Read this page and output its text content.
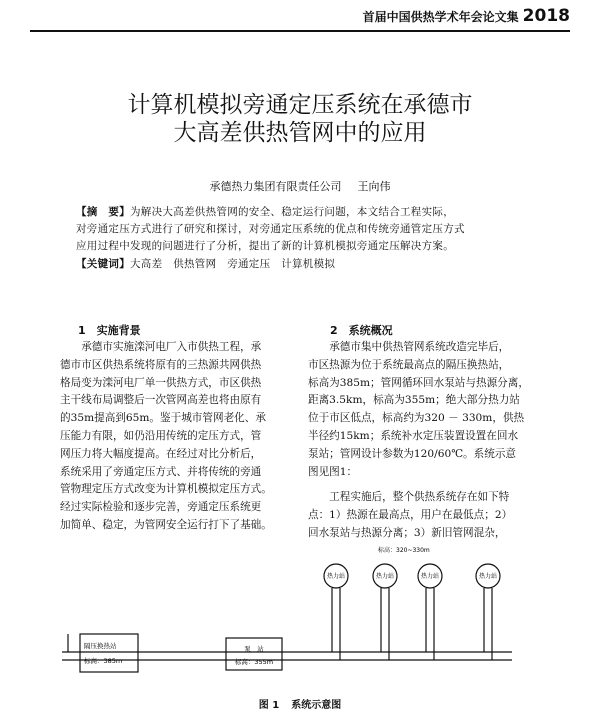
首届中国供热学术年会论文集 2018
计算机模拟旁通定压系统在承德市
大高差供热管网中的应用
承德热力集团有限责任公司 王向伟
【摘　要】为解决大高差供热管网的安全、稳定运行问题，本文结合工程实际，
对旁通定压方式进行了研究和探讨，对旁通定压系统的优点和传统旁通管定压方式
应用过程中发现的问题进行了分析，提出了新的计算机模拟旁通定压解决方案。
【关键词】大高差　供热管网　旁通定压　计算机模拟
1　实施背景	2　系统概况
承德市实施滦河电厂入市供热工程，承
德市市区供热系统将原有的三热源共网供热
格局变为滦河电厂单一供热方式，市区供热
主干线布局调整后一次管网高差也将由原有
的35m提高到65m。鉴于城市管网老化、承
压能力有限，如仍沿用传统的定压方式，管
网压力将大幅度提高。在经过对比分析后，
系统采用了旁通定压方式、并将传统的旁通
管物理定压方式改变为计算机模拟定压方式。
经过实际检验和逐步完善，旁通定压系统更
加简单、稳定，为管网安全运行打下了基础。
承德市集中供热管网系统改造完毕后，
市区热源为位于系统最高点的隔压换热站，
标高为385m；管网循环回水泵站与热源分离，
距离3.5km，标高为355m；绝大部分热力站
位于市区低点，标高约为320 － 330m，供热
半径约15km；系统补水定压装置设置在回水
泵站；管网设计参数为120/60℃。系统示意
图见图1：
工程实施后，整个供热系统存在如下特
点：1）热源在最高点，用户在最低点；2）
回水泵站与热源分离；3）新旧管网混杂，
标高：320~330m
热力站	热力站	热力站	热力站
隔压换热站
标高：385m
泵　站
标高：355m
图 1 系统示意图
